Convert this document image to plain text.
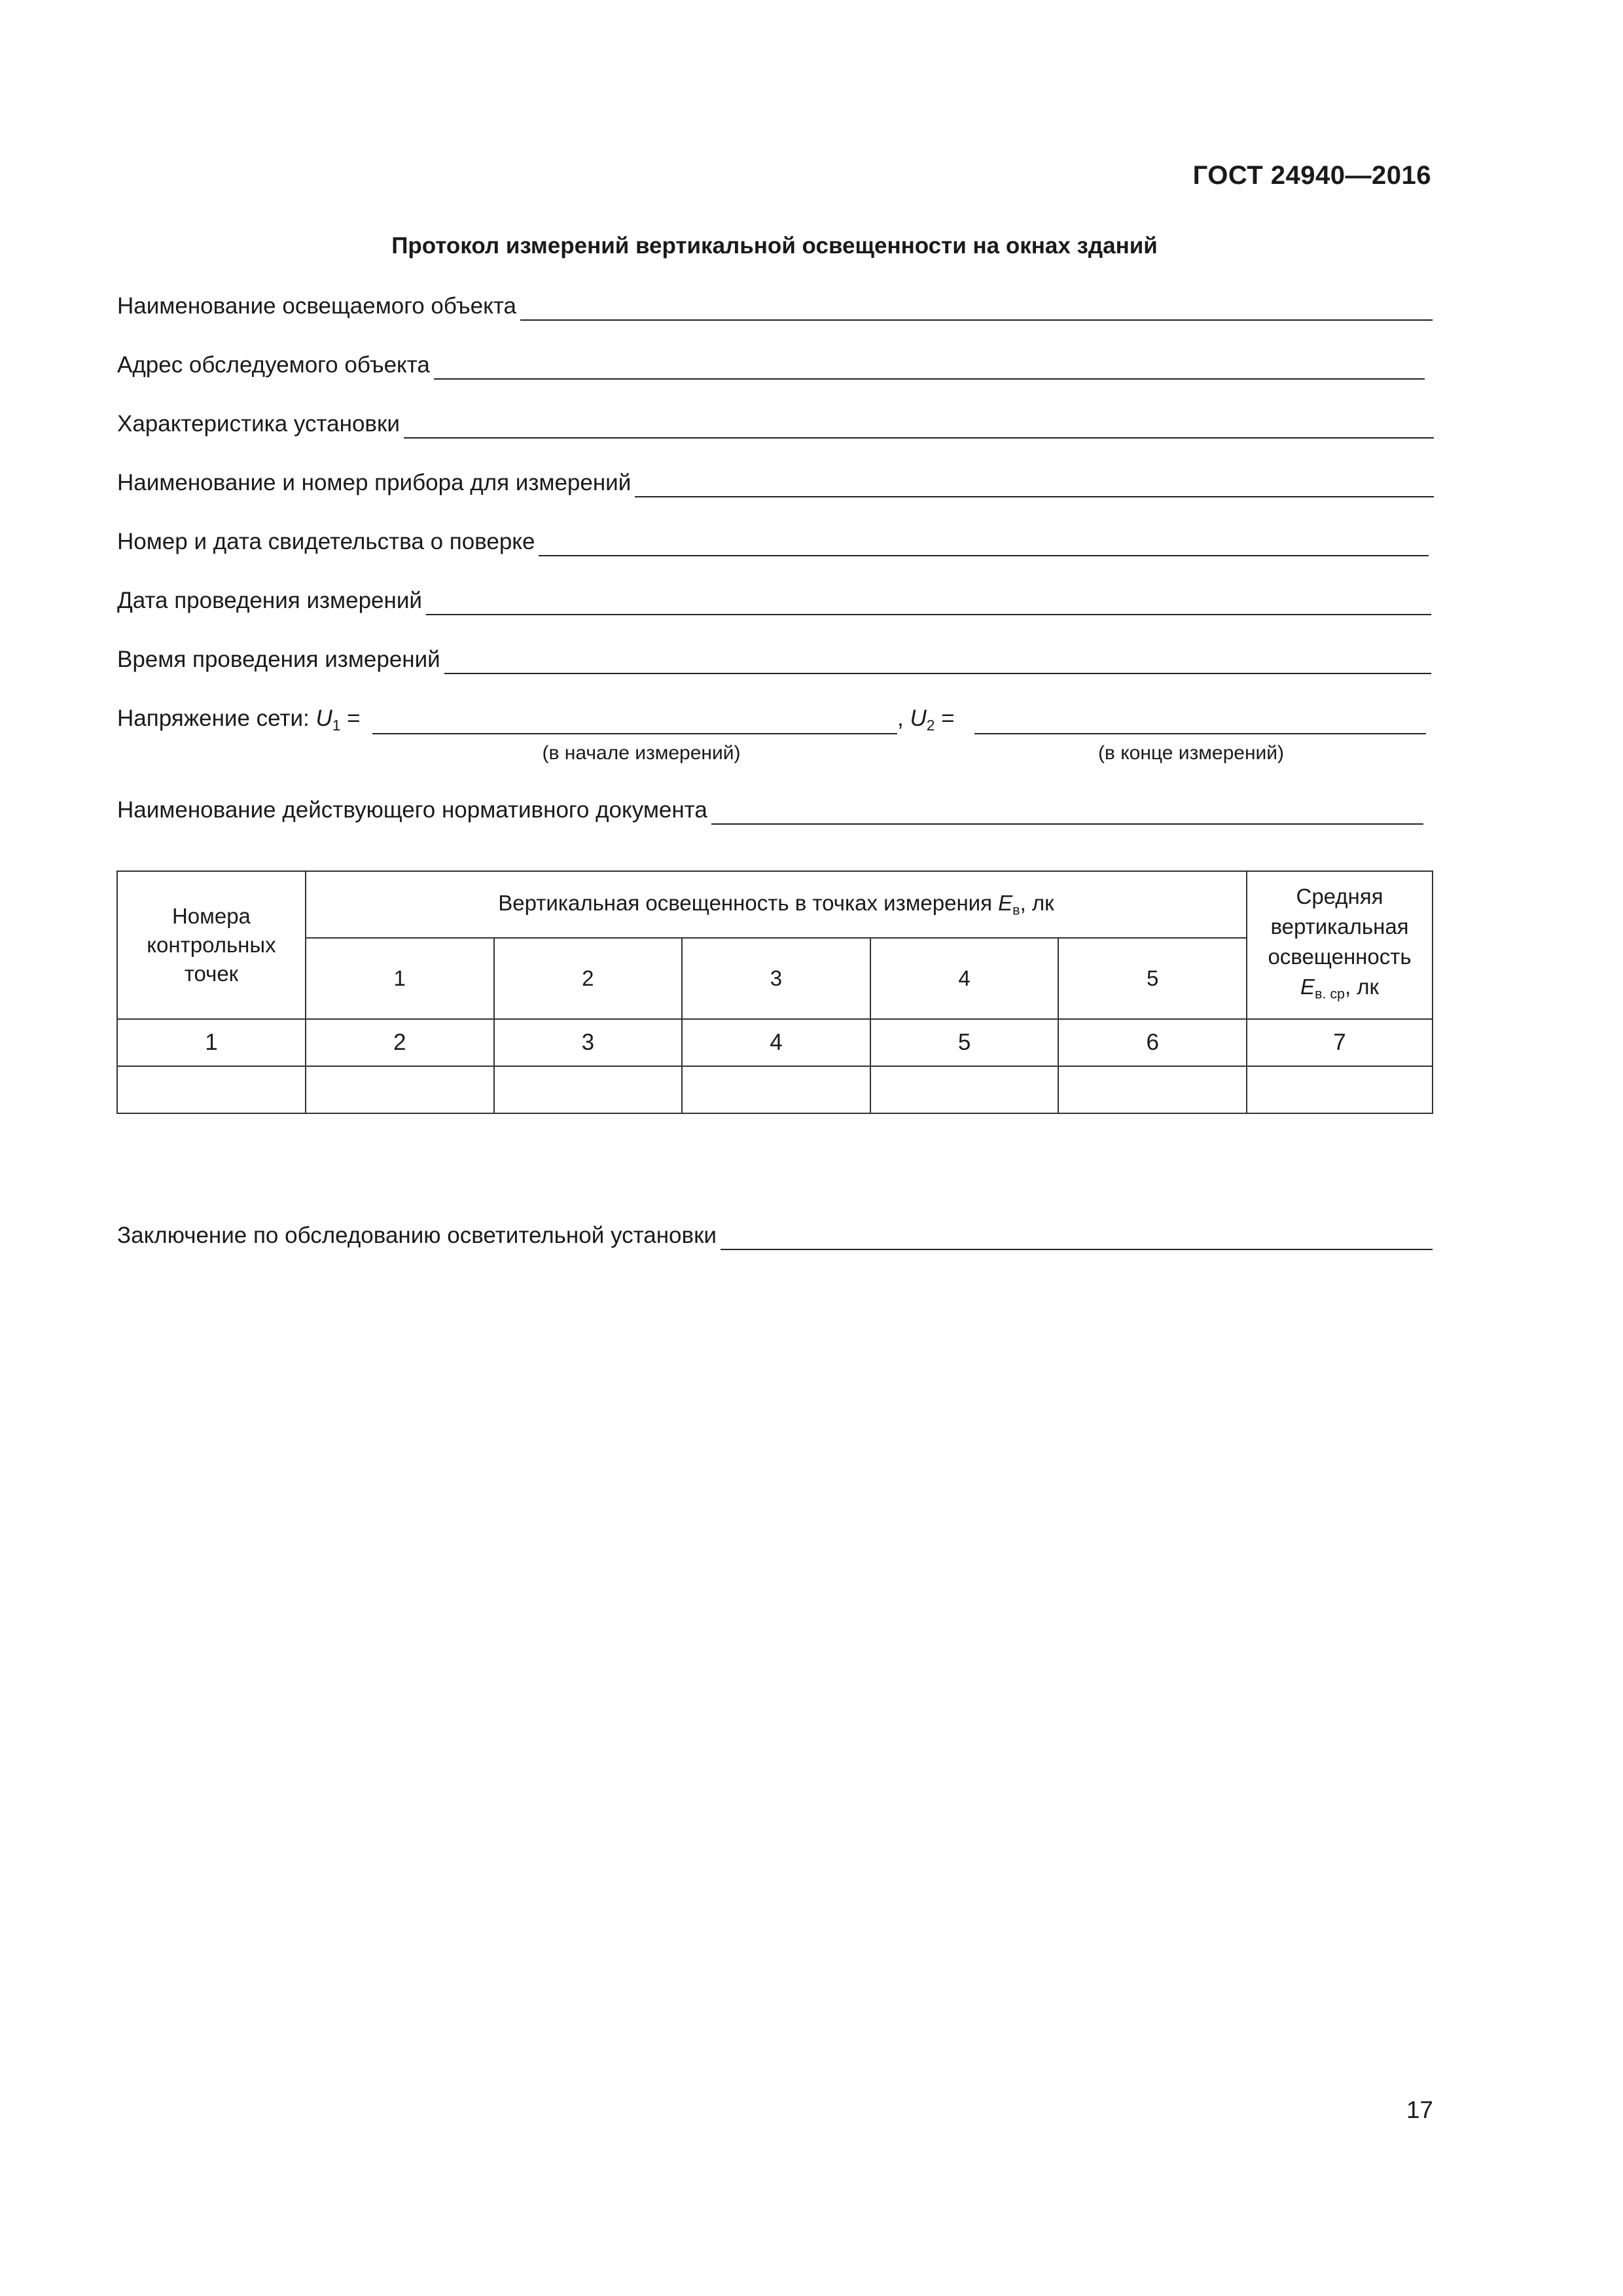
ГОСТ 24940—2016
Протокол измерений вертикальной освещенности на окнах зданий
Наименование освещаемого объекта
Адрес обследуемого объекта
Характеристика установки
Наименование и номер прибора для измерений
Номер и дата свидетельства о поверке
Дата проведения измерений
Время проведения измерений
Напряжение сети: $U_1$ =	, $U_2$ =
(в начале измерений)	(в конце измерений)
Наименование действующего нормативного документа
Номера контрольных точек	Вертикальная освещенность в точках измерения $E_в$, лк					Средняя вертикальная освещенность $E_{в. ср}$, лк

	1	2	3	4	5	
1	2	3	4	5	6	7

Заключение по обследованию осветительной установки
17
